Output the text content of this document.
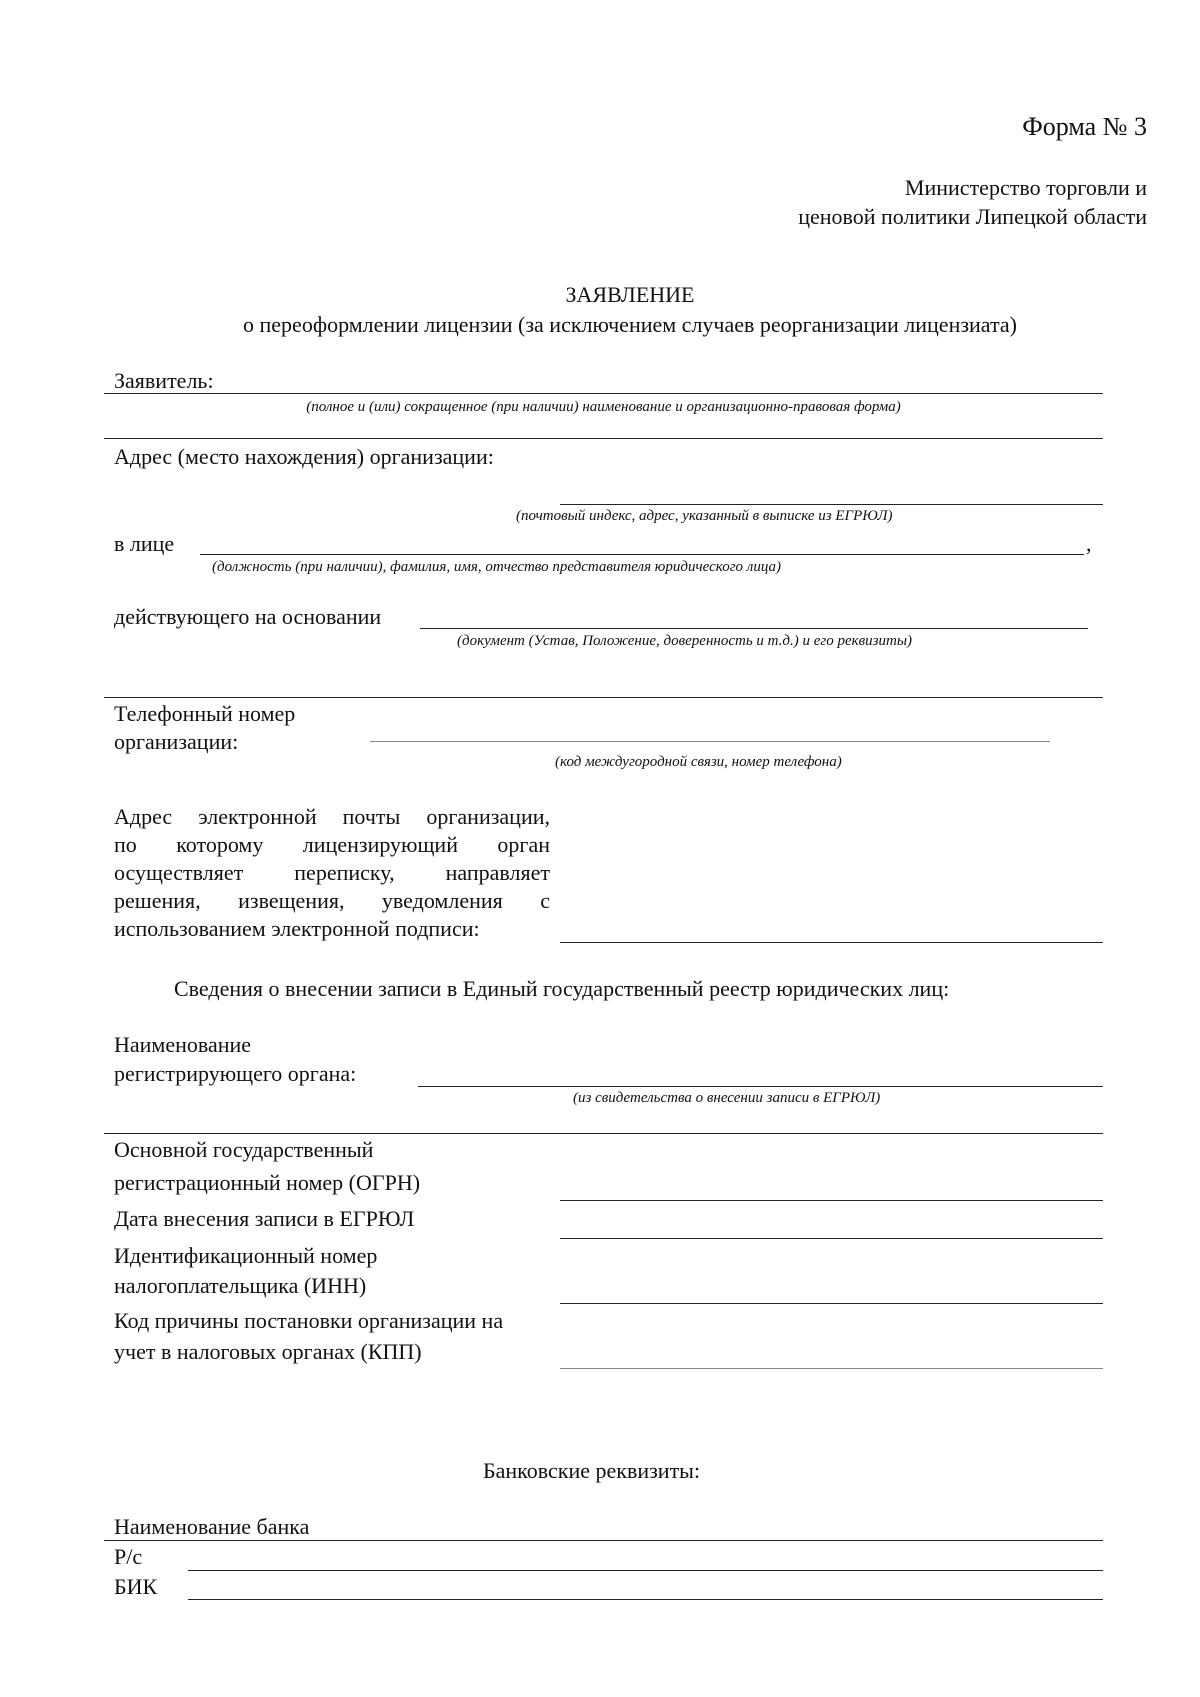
Форма № 3
Министерство торговли и
ценовой политики Липецкой области
ЗАЯВЛЕНИЕ
о переоформлении лицензии (за исключением случаев реорганизации лицензиата)
Заявитель:
(полное и (или) сокращенное (при наличии) наименование и организационно-правовая форма)
Адрес (место нахождения) организации:
(почтовый индекс, адрес, указанный в выписке из ЕГРЮЛ)
в лице	,
(должность (при наличии), фамилия, имя, отчество представителя юридического лица)
действующего на основании
(документ (Устав, Положение, доверенность и т.д.) и его реквизиты)
Телефонный номер
организации:
(код междугородной связи, номер телефона)
Адрес электронной почты организации,
по которому лицензирующий орган
осуществляет переписку, направляет
решения, извещения, уведомления с
использованием электронной подписи:
Сведения о внесении записи в Единый государственный реестр юридических лиц:
Наименование
регистрирующего органа:
(из свидетельства о внесении записи в ЕГРЮЛ)
Основной государственный
регистрационный номер (ОГРН)
Дата внесения записи в ЕГРЮЛ
Идентификационный номер
налогоплательщика (ИНН)
Код причины постановки организации на
учет в налоговых органах (КПП)
Банковские реквизиты:
Наименование банка
Р/с
БИК
